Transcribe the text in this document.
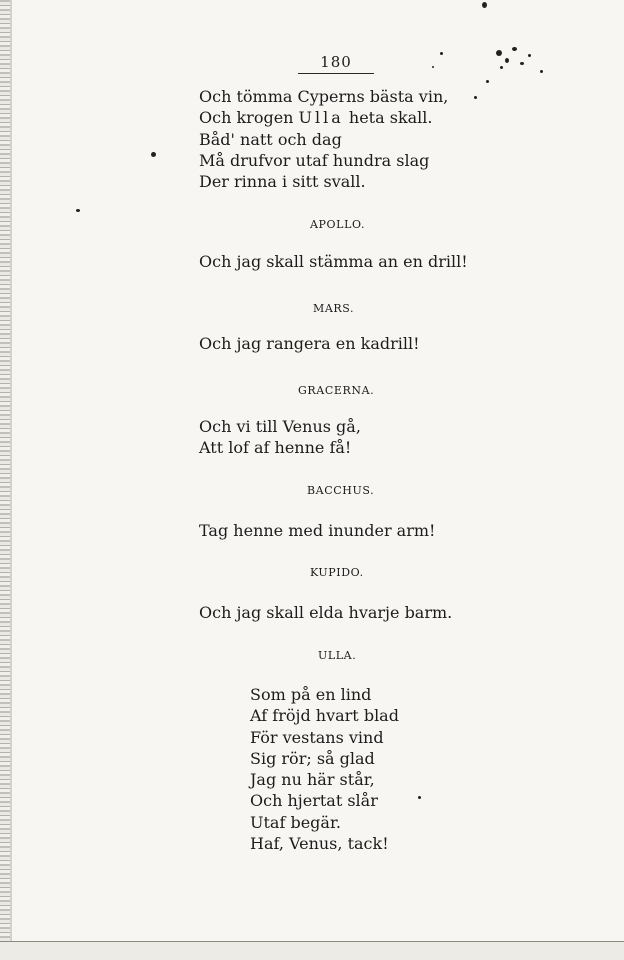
180
Och tömma Cyperns bästa vin,
Och krogen Ulla heta skall.
Båd' natt och dag
Må drufvor utaf hundra slag
Der rinna i sitt svall.
APOLLO.
Och jag skall stämma an en drill!
MARS.
Och jag rangera en kadrill!
GRACERNA.
Och vi till Venus gå,
Att lof af henne få!
BACCHUS.
Tag henne med inunder arm!
KUPIDO.
Och jag skall elda hvarje barm.
ULLA.
Som på en lind
Af fröjd hvart blad
För vestans vind
Sig rör; så glad
Jag nu här står,
Och hjertat slår
Utaf begär.
Haf, Venus, tack!
